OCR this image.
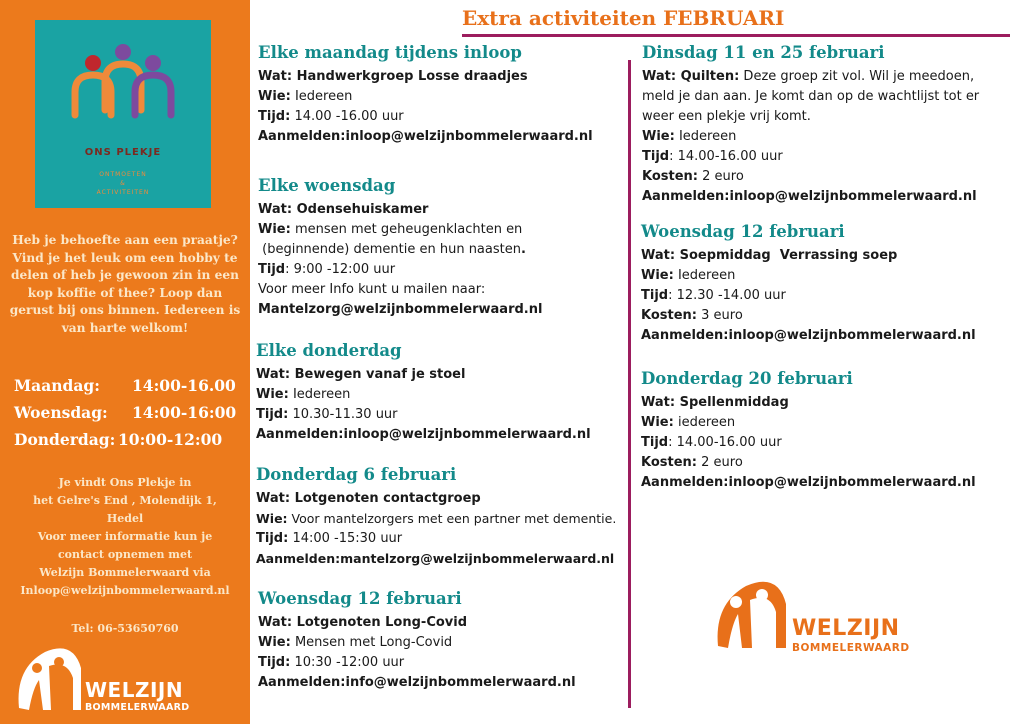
ONS PLEKJE
ONTMOETEN
&
ACTIVITEITEN
Heb je behoefte aan een praatje? Vind je het leuk om een hobby te delen of heb je gewoon zin in een kop koffie of thee? Loop dan gerust bij ons binnen. Iedereen is van harte welkom!
Maandag:	14:00-16.00
Woensdag:	14:00-16:00
Donderdag: 10:00-12:00
Je vindt Ons Plekje in
het Gelre's End , Molendijk 1,
Hedel
Voor meer informatie kun je
contact opnemen met
Welzijn Bommelerwaard via
Inloop@welzijnbommelerwaard.nl
Tel: 06-53650760
WELZIJN
BOMMELERWAARD
Extra activiteiten FEBRUARI
Elke maandag tijdens inloop
Wat: Handwerkgroep Losse draadjes
Wie: Iedereen
Tijd: 14.00 -16.00 uur
Aanmelden:inloop@welzijnbommelerwaard.nl
Elke woensdag
Wat: Odensehuiskamer
Wie: mensen met geheugenklachten en
(beginnende) dementie en hun naasten.
Tijd: 9:00 -12:00 uur
Voor meer Info kunt u mailen naar:
Mantelzorg@welzijnbommelerwaard.nl
Elke donderdag
Wat: Bewegen vanaf je stoel
Wie: Iedereen
Tijd: 10.30-11.30 uur
Aanmelden:inloop@welzijnbommelerwaard.nl
Donderdag 6 februari
Wat: Lotgenoten contactgroep
Wie: Voor mantelzorgers met een partner met dementie.
Tijd: 14:00 -15:30 uur
Aanmelden:mantelzorg@welzijnbommelerwaard.nl
Woensdag 12 februari
Wat: Lotgenoten Long-Covid
Wie: Mensen met Long-Covid
Tijd: 10:30 -12:00 uur
Aanmelden:info@welzijnbommelerwaard.nl
Dinsdag 11 en 25 februari
Wat: Quilten: Deze groep zit vol. Wil je meedoen,
meld je dan aan. Je komt dan op de wachtlijst tot er
weer een plekje vrij komt.
Wie: Iedereen
Tijd: 14.00-16.00 uur
Kosten: 2 euro
Aanmelden:inloop@welzijnbommelerwaard.nl
Woensdag 12 februari
Wat: Soepmiddag  Verrassing soep
Wie: Iedereen
Tijd: 12.30 -14.00 uur
Kosten: 3 euro
Aanmelden:inloop@welzijnbommelerwaard.nl
Donderdag 20 februari
Wat: Spellenmiddag
Wie: iedereen
Tijd: 14.00-16.00 uur
Kosten: 2 euro
Aanmelden:inloop@welzijnbommelerwaard.nl
WELZIJN
BOMMELERWAARD
